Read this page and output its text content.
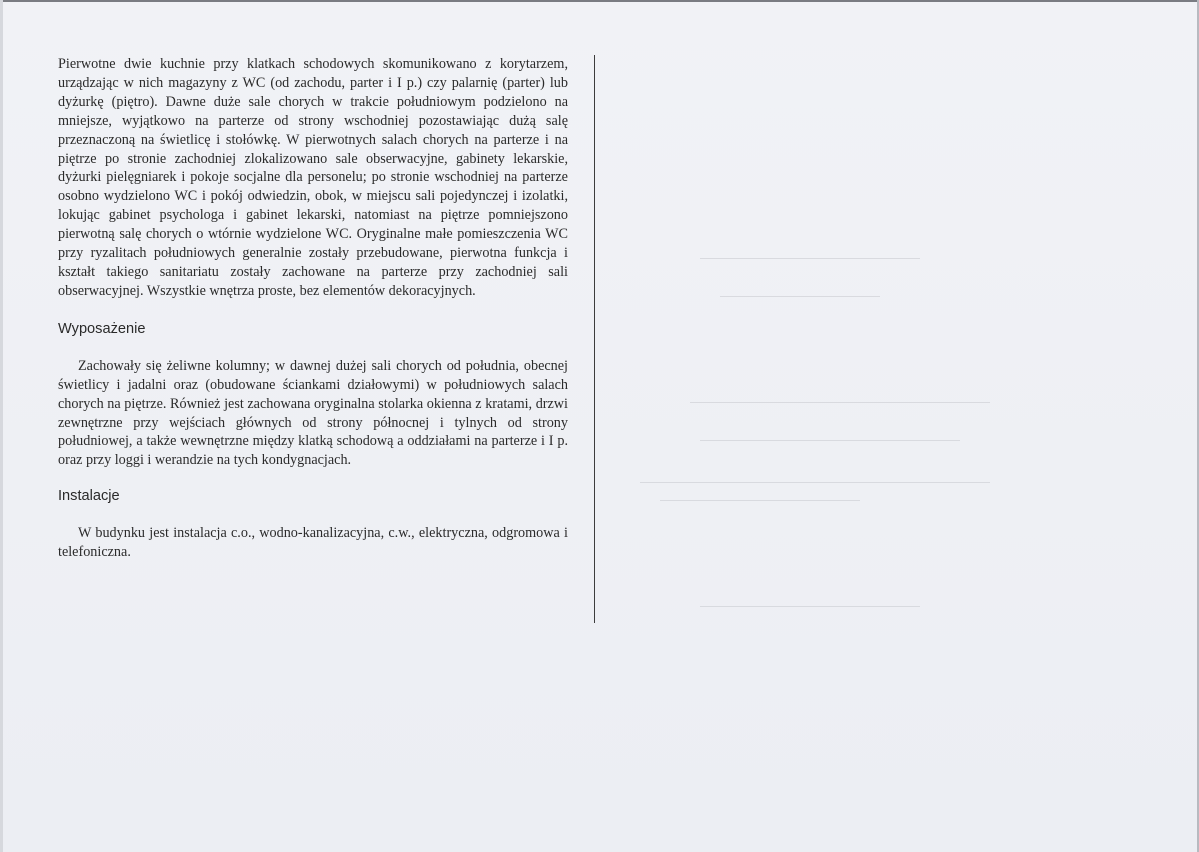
Pierwotne dwie kuchnie przy klatkach schodowych skomunikowano z korytarzem, urządzając w nich magazyny z WC (od zachodu, parter i I p.) czy palarnię (parter) lub dyżurkę (piętro). Dawne duże sale chorych w trakcie południowym podzielono na mniejsze, wyjątkowo na parterze od strony wschodniej pozostawiając dużą salę przeznaczoną na świetlicę i stołówkę. W pierwotnych salach chorych na parterze i na piętrze po stronie zachodniej zlokalizowano sale obserwacyjne, gabinety lekarskie, dyżurki pielęgniarek i pokoje socjalne dla personelu; po stronie wschodniej na parterze osobno wydzielono WC i pokój odwiedzin, obok, w miejscu sali pojedynczej i izolatki, lokując gabinet psychologa i gabinet lekarski, natomiast na piętrze pomniejszono pierwotną salę chorych o wtórnie wydzielone WC. Oryginalne małe pomieszczenia WC przy ryzalitach południowych generalnie zostały przebudowane, pierwotna funkcja i kształt takiego sanitariatu zostały zachowane na parterze przy zachodniej sali obserwacyjnej. Wszystkie wnętrza proste, bez elementów dekoracyjnych.

Wyposażenie

Zachowały się żeliwne kolumny; w dawnej dużej sali chorych od południa, obecnej świetlicy i jadalni oraz (obudowane ściankami działowymi) w południowych salach chorych na piętrze. Również jest zachowana oryginalna stolarka okienna z kratami, drzwi zewnętrzne przy wejściach głównych od strony północnej i tylnych od strony południowej, a także wewnętrzne między klatką schodową a oddziałami na parterze i I p. oraz przy loggi i werandzie na tych kondygnacjach.

Instalacje

W budynku jest instalacja c.o., wodno-kanalizacyjna, c.w., elektryczna, odgromowa i telefoniczna.
